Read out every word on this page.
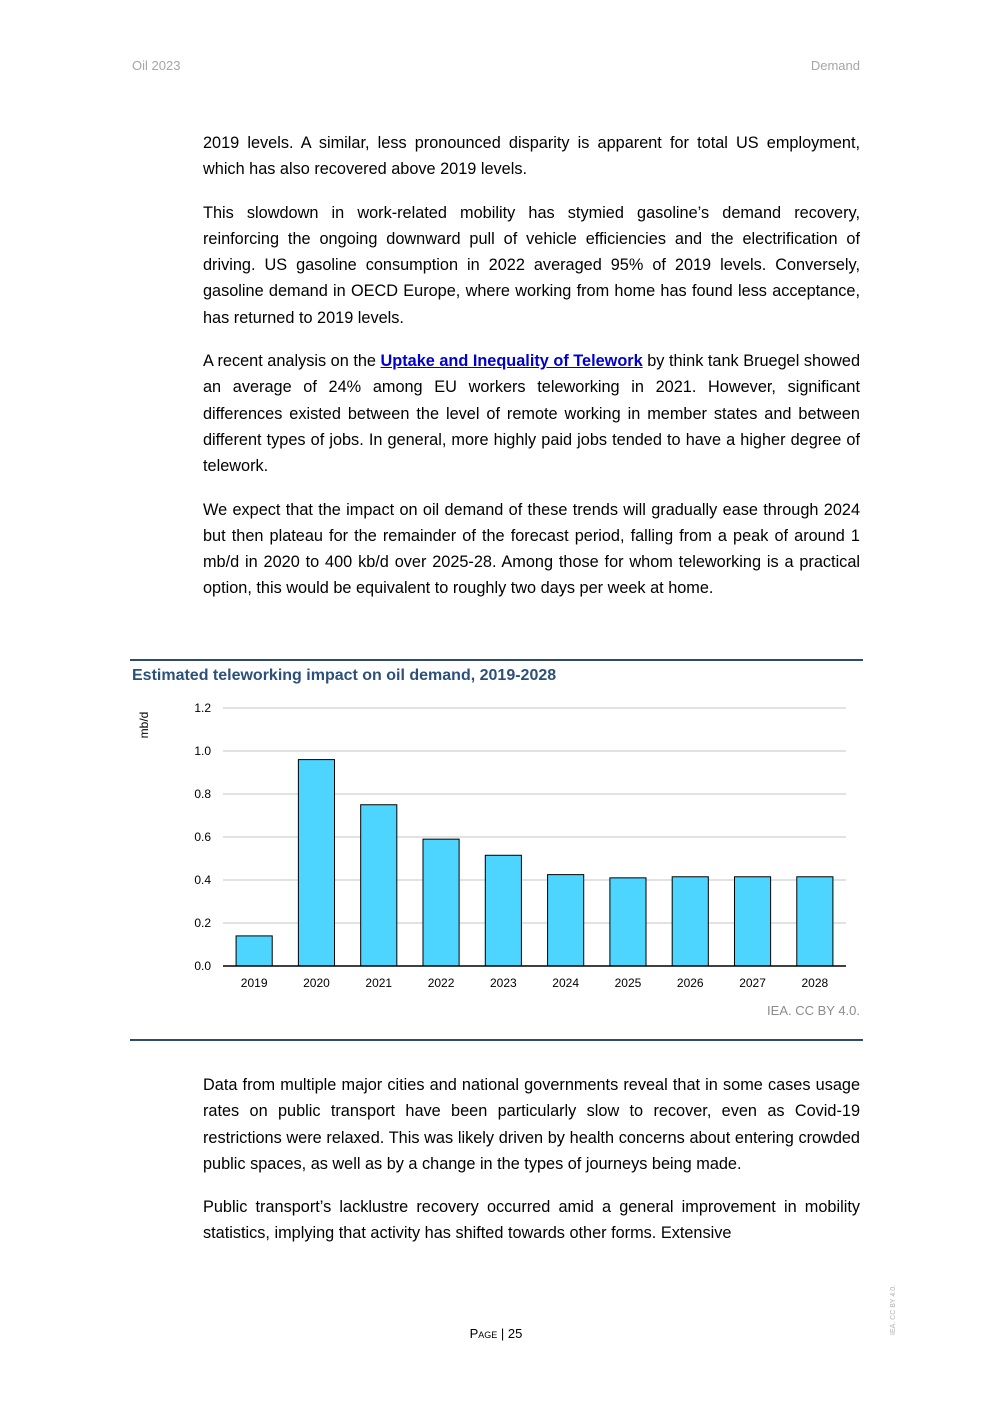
Oil 2023	Demand

2019 levels. A similar, less pronounced disparity is apparent for total US employment, which has also recovered above 2019 levels.

This slowdown in work-related mobility has stymied gasoline’s demand recovery, reinforcing the ongoing downward pull of vehicle efficiencies and the electrification of driving. US gasoline consumption in 2022 averaged 95% of 2019 levels. Conversely, gasoline demand in OECD Europe, where working from home has found less acceptance, has returned to 2019 levels.

A recent analysis on the Uptake and Inequality of Telework by think tank Bruegel showed an average of 24% among EU workers teleworking in 2021. However, significant differences existed between the level of remote working in member states and between different types of jobs. In general, more highly paid jobs tended to have a higher degree of telework.

We expect that the impact on oil demand of these trends will gradually ease through 2024 but then plateau for the remainder of the forecast period, falling from a peak of around 1 mb/d in 2020 to 400 kb/d over 2025-28. Among those for whom teleworking is a practical option, this would be equivalent to roughly two days per week at home.

Estimated teleworking impact on oil demand, 2019-2028
0.0
0.2
0.4
0.6
0.8
1.0
1.2
2019	2020	2021	2022	2023	2024	2025	2026	2027	2028
mb/d
IEA. CC BY 4.0.

Data from multiple major cities and national governments reveal that in some cases usage rates on public transport have been particularly slow to recover, even as Covid-19 restrictions were relaxed. This was likely driven by health concerns about entering crowded public spaces, as well as by a change in the types of journeys being made.

Public transport’s lacklustre recovery occurred amid a general improvement in mobility statistics, implying that activity has shifted towards other forms. Extensive

Page | 25	IEA. CC BY 4.0.
